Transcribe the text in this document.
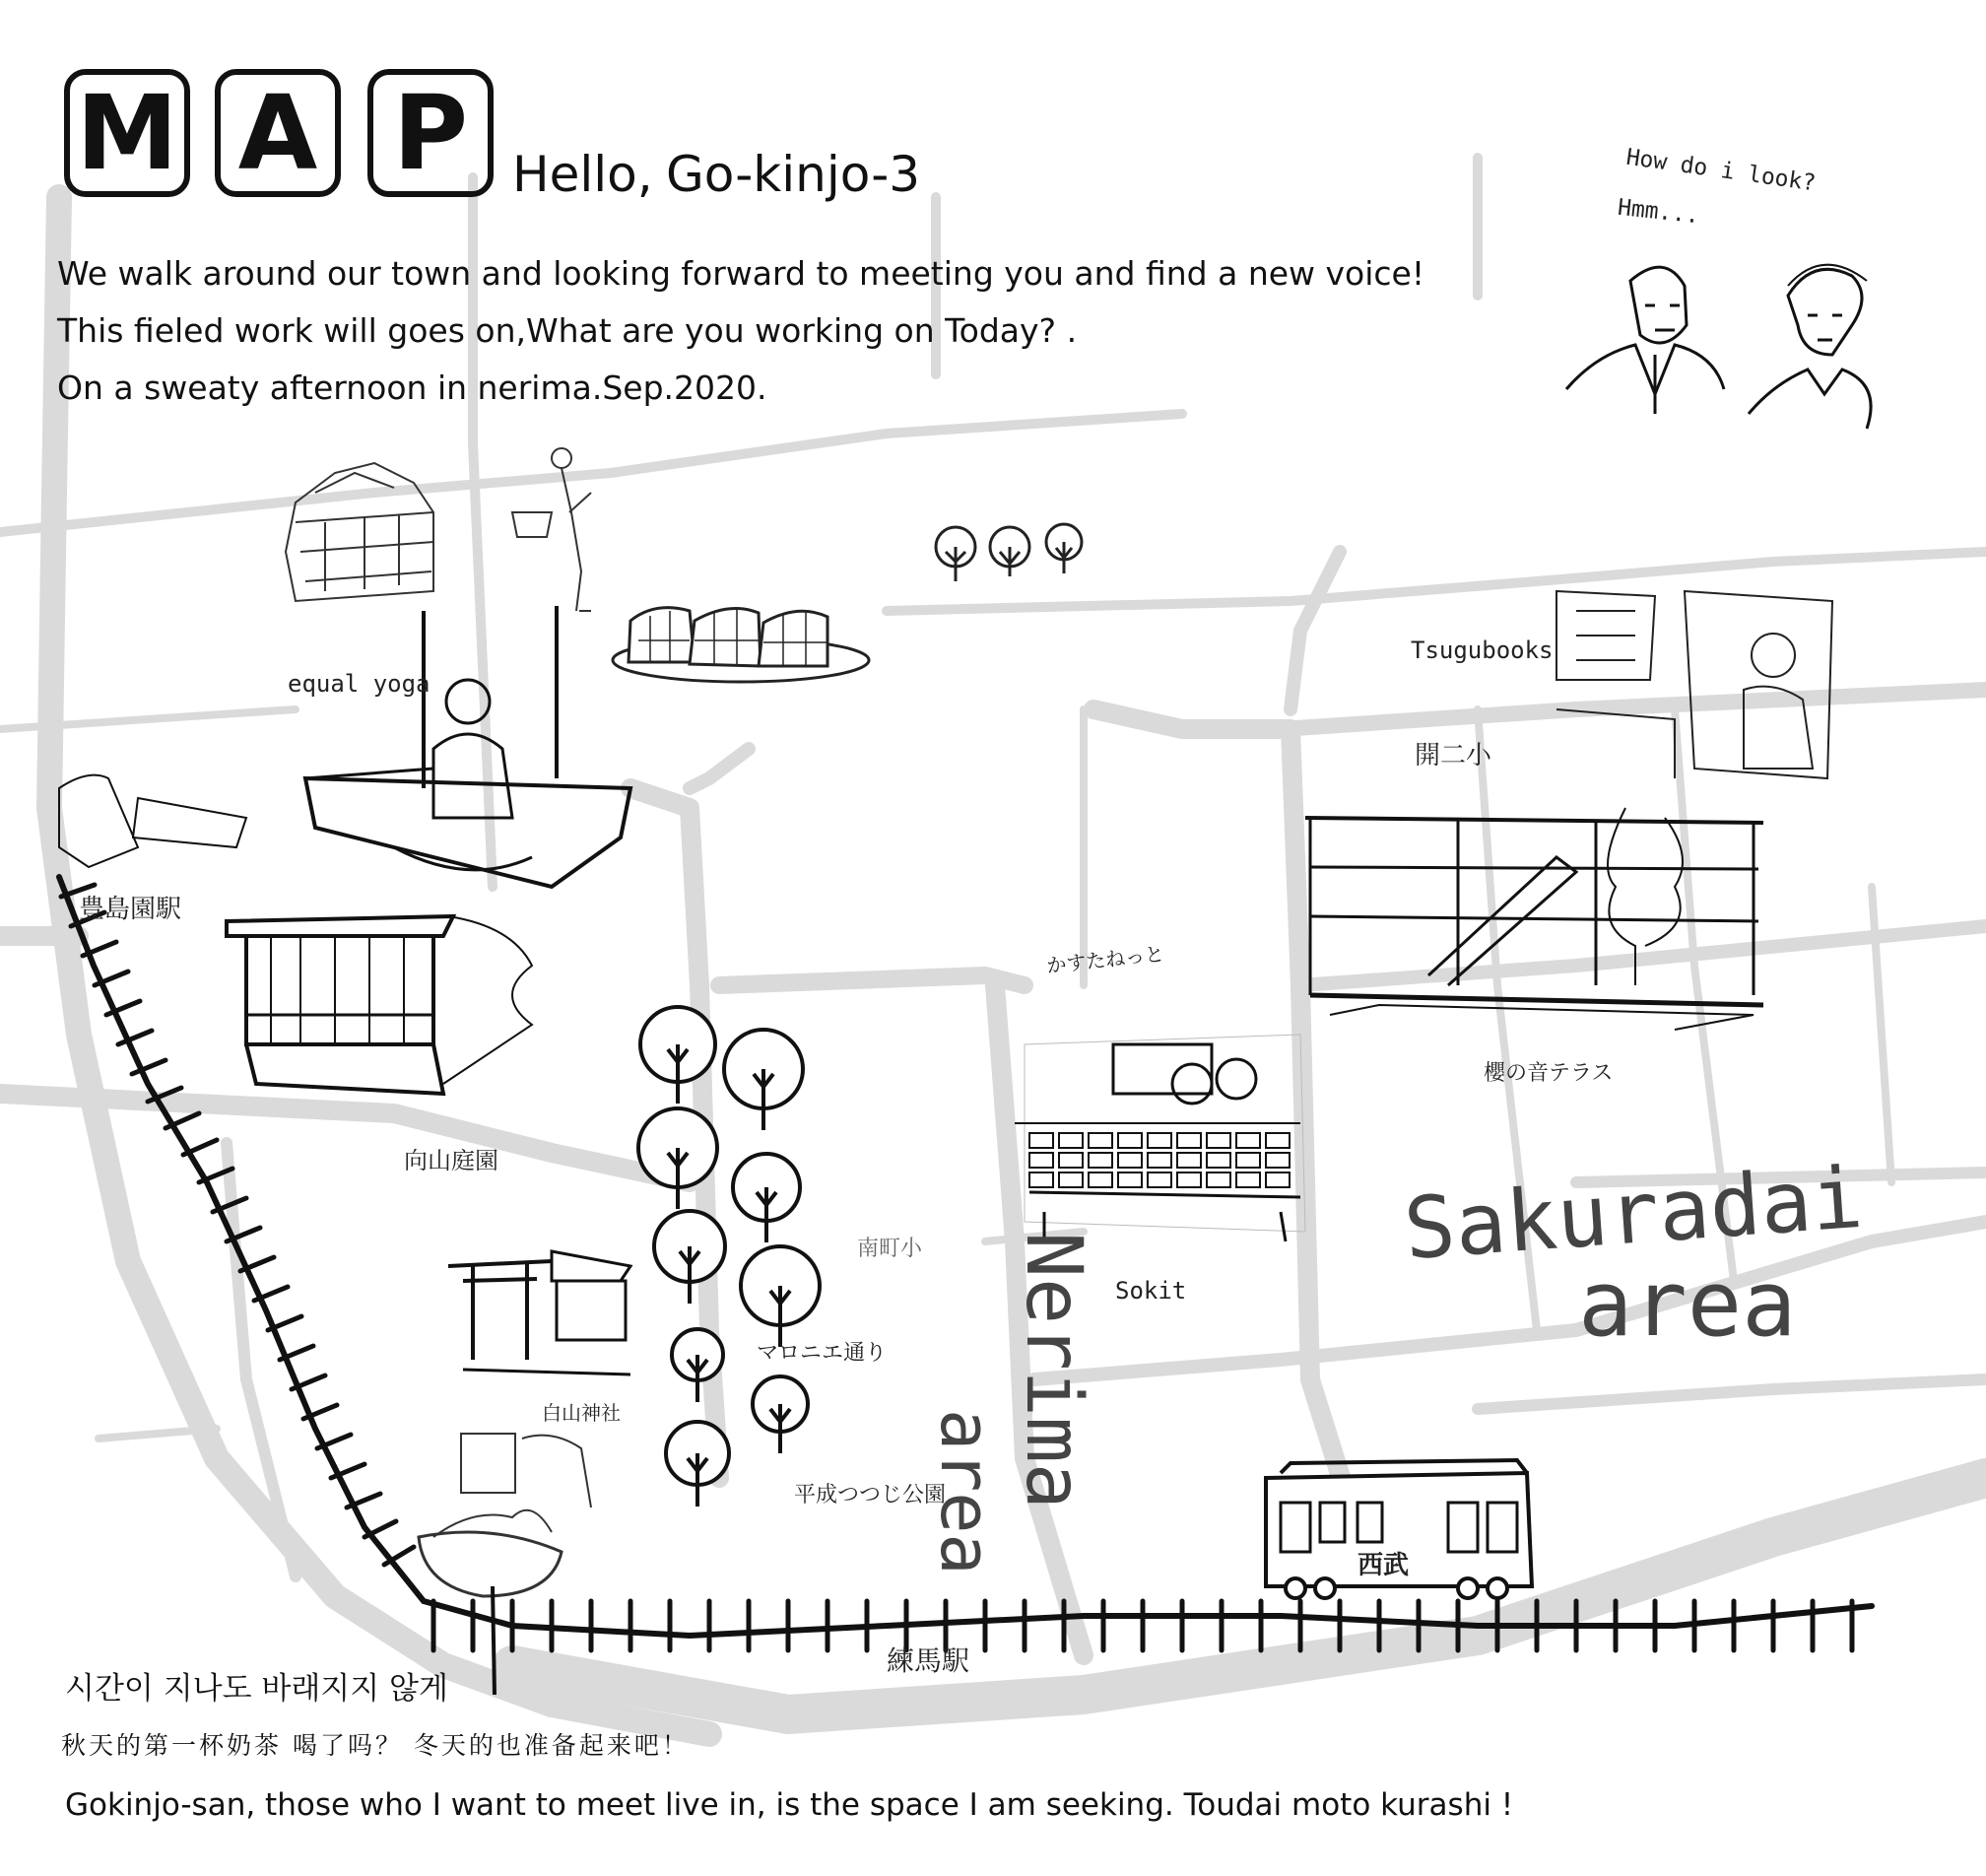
M A P Hello, Go-kinjo-3
We walk around our town and looking forward to meeting you and find a new voice!
This fieled work will goes on,What are you working on Today? .
On a sweaty afternoon in nerima.Sep.2020.
How do i look?
Hmm...
equal yoga
豊島園駅
向山庭園
白山神社
マロニエ通り
南町小
平成つつじ公園
練馬駅
かすたねっと
Sokit
Tsugubooks
開二小
櫻の音テラス
西武
Sakuradai
area
Nerima
area
시간이 지나도 바래지지 않게
秋天的第一杯奶茶 喝了吗？ 冬天的也准备起来吧！
Gokinjo-san, those who I want to meet live in, is the space I am seeking. Toudai moto kurashi !
